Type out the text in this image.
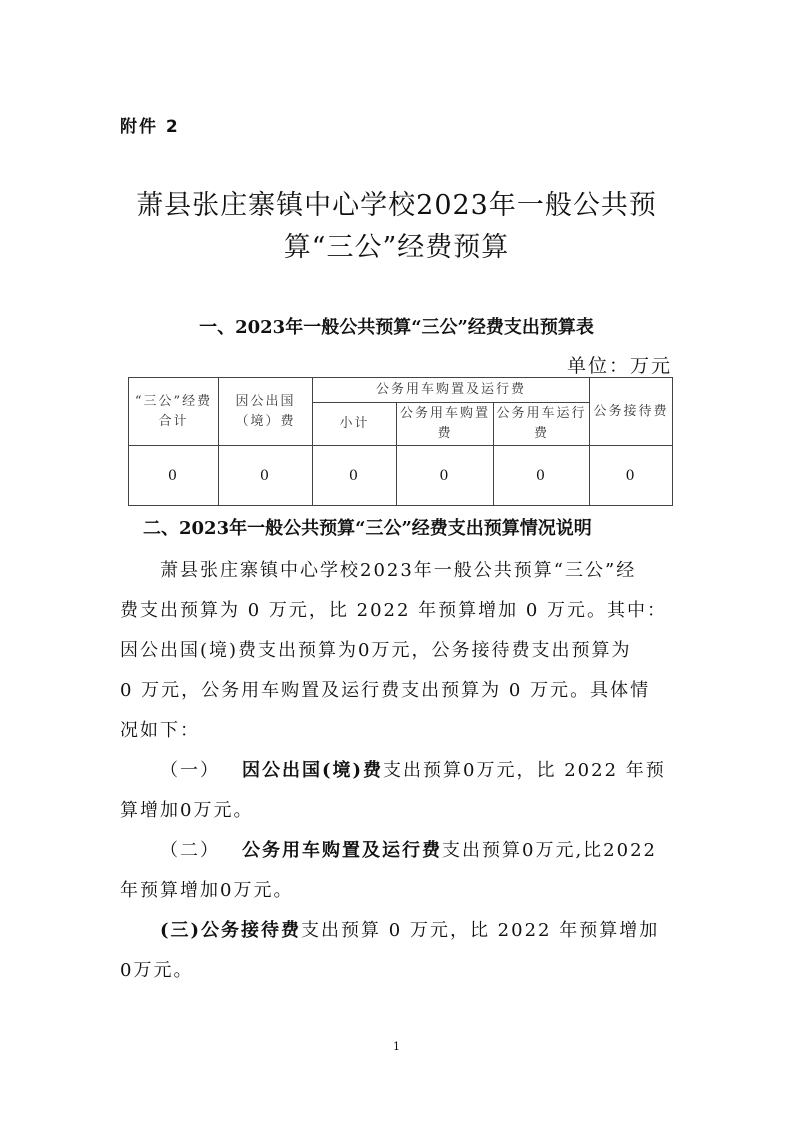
附件 2
萧县张庄寨镇中心学校2023年一般公共预
算“三公”经费预算
一、2023年一般公共预算“三公”经费支出预算表
单位：万元
“三公”经费合计	因公出国（境）费	公务用车购置及运行费			公务接待费
		小计	公务用车购置费	公务用车运行费	
0	0	0	0	0	0
二、2023年一般公共预算“三公”经费支出预算情况说明
萧县张庄寨镇中心学校2023年一般公共预算“三公”经
费支出预算为 0 万元，比 2022 年预算增加 0 万元。其中：
因公出国(境)费支出预算为0万元，公务接待费支出预算为
0 万元，公务用车购置及运行费支出预算为 0 万元。具体情
况如下：
（一） 因公出国(境)费支出预算0万元，比 2022 年预
算增加0万元。
（二） 公务用车购置及运行费支出预算0万元,比2022
年预算增加0万元。
(三)公务接待费支出预算 0 万元，比 2022 年预算增加
0万元。
1
